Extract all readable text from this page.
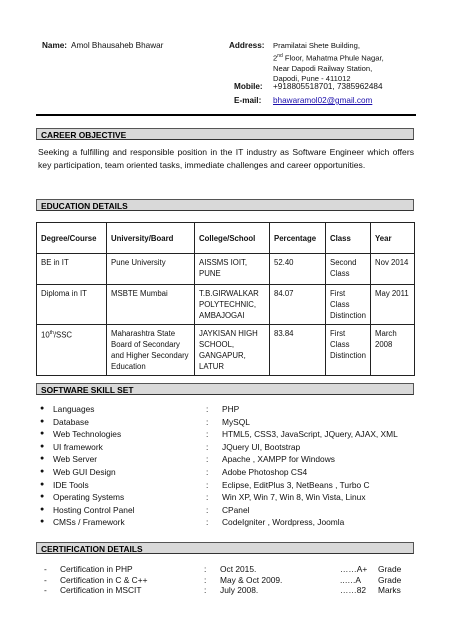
Name: Amol Bhausaheb Bhawar	Address: Pramilatai Shete Building,
2nd Floor, Mahatma Phule Nagar,
Near Dapodi Railway Station,
Dapodi, Pune - 411012
Mobile: +918805518701, 7385962484
E-mail: bhawaramol02@gmail.com
CAREER OBJECTIVE
Seeking a fulfilling and responsible position in the IT industry as Software Engineer which offers key participation, team oriented tasks, immediate challenges and career opportunities.
EDUCATION DETAILS
Degree/Course	University/Board	College/School	Percentage	Class	Year
BE in IT	Pune University	AISSMS IOIT, PUNE	52.40	Second Class	Nov 2014
Diploma in IT	MSBTE Mumbai	T.B.GIRWALKAR POLYTECHNIC, AMBAJOGAI	84.07	First Class Distinction	May 2011
10th/SSC	Maharashtra State Board of Secondary and Higher Secondary Education	JAYKISAN HIGH SCHOOL, GANGAPUR, LATUR	83.84	First Class Distinction	March 2008
SOFTWARE SKILL SET
● Languages	: PHP
● Database	: MySQL
● Web Technologies	: HTML5, CSS3, JavaScript, JQuery, AJAX, XML
● UI framework	: JQuery UI, Bootstrap
● Web Server	: Apache , XAMPP for Windows
● Web GUI Design	: Adobe Photoshop CS4
● IDE Tools	: Eclipse, EditPlus 3, NetBeans , Turbo C
● Operating Systems	: Win XP, Win 7, Win 8, Win Vista, Linux
● Hosting Control Panel	: CPanel
● CMSs / Framework	: CodeIgniter , Wordpress, Joomla
CERTIFICATION DETAILS
- Certification in PHP	: Oct 2015.	……A+ Grade
- Certification in C & C++	: May & Oct 2009.	..….A Grade
- Certification in MSCIT	: July 2008.	……82 Marks
